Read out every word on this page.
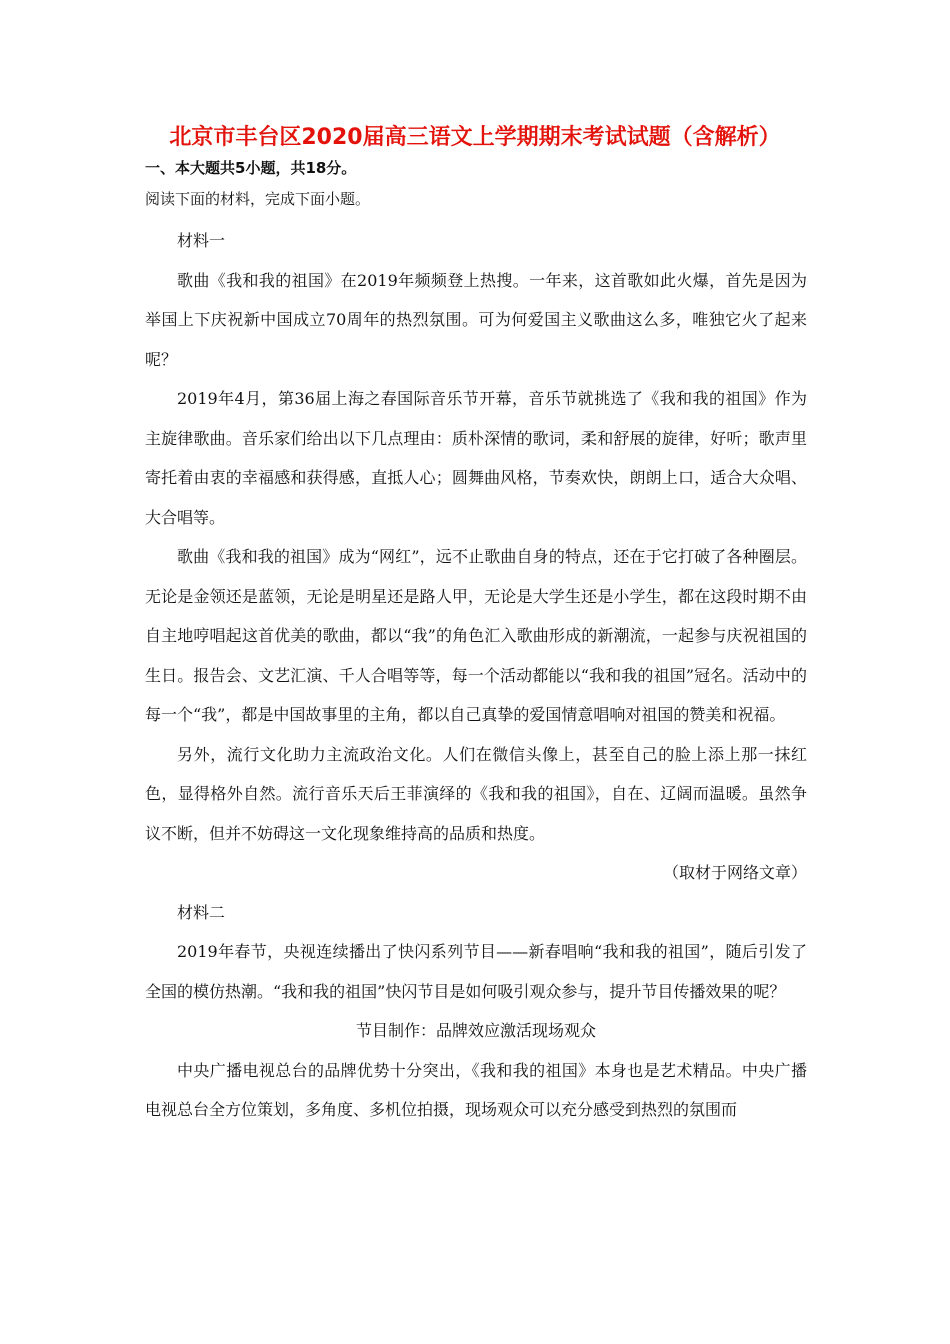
北京市丰台区2020届高三语文上学期期末考试试题（含解析）
一、本大题共5小题，共18分。
阅读下面的材料，完成下面小题。

材料一

歌曲《我和我的祖国》在2019年频频登上热搜。一年来，这首歌如此火爆，首先是因为举国上下庆祝新中国成立70周年的热烈氛围。可为何爱国主义歌曲这么多，唯独它火了起来呢？

2019年4月，第36届上海之春国际音乐节开幕，音乐节就挑选了《我和我的祖国》作为主旋律歌曲。音乐家们给出以下几点理由：质朴深情的歌词，柔和舒展的旋律，好听；歌声里寄托着由衷的幸福感和获得感，直抵人心；圆舞曲风格，节奏欢快，朗朗上口，适合大众唱、大合唱等。

歌曲《我和我的祖国》成为“网红”，远不止歌曲自身的特点，还在于它打破了各种圈层。无论是金领还是蓝领，无论是明星还是路人甲，无论是大学生还是小学生，都在这段时期不由自主地哼唱起这首优美的歌曲，都以“我”的角色汇入歌曲形成的新潮流，一起参与庆祝祖国的生日。报告会、文艺汇演、千人合唱等等，每一个活动都能以“我和我的祖国”冠名。活动中的每一个“我”，都是中国故事里的主角，都以自己真挚的爱国情意唱响对祖国的赞美和祝福。

另外，流行文化助力主流政治文化。人们在微信头像上，甚至自己的脸上添上那一抹红色，显得格外自然。流行音乐天后王菲演绎的《我和我的祖国》，自在、辽阔而温暖。虽然争议不断，但并不妨碍这一文化现象维持高的品质和热度。

（取材于网络文章）

材料二

2019年春节，央视连续播出了快闪系列节目——新春唱响“我和我的祖国”，随后引发了全国的模仿热潮。“我和我的祖国”快闪节目是如何吸引观众参与，提升节目传播效果的呢？

节目制作：品牌效应激活现场观众

中央广播电视总台的品牌优势十分突出，《我和我的祖国》本身也是艺术精品。中央广播电视总台全方位策划，多角度、多机位拍摄，现场观众可以充分感受到热烈的氛围而
